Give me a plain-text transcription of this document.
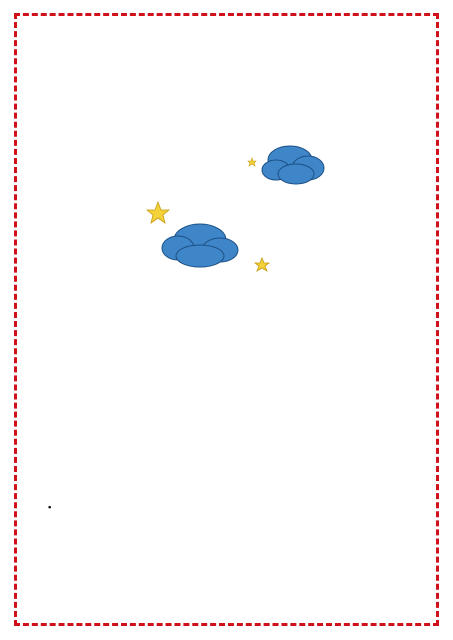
•
